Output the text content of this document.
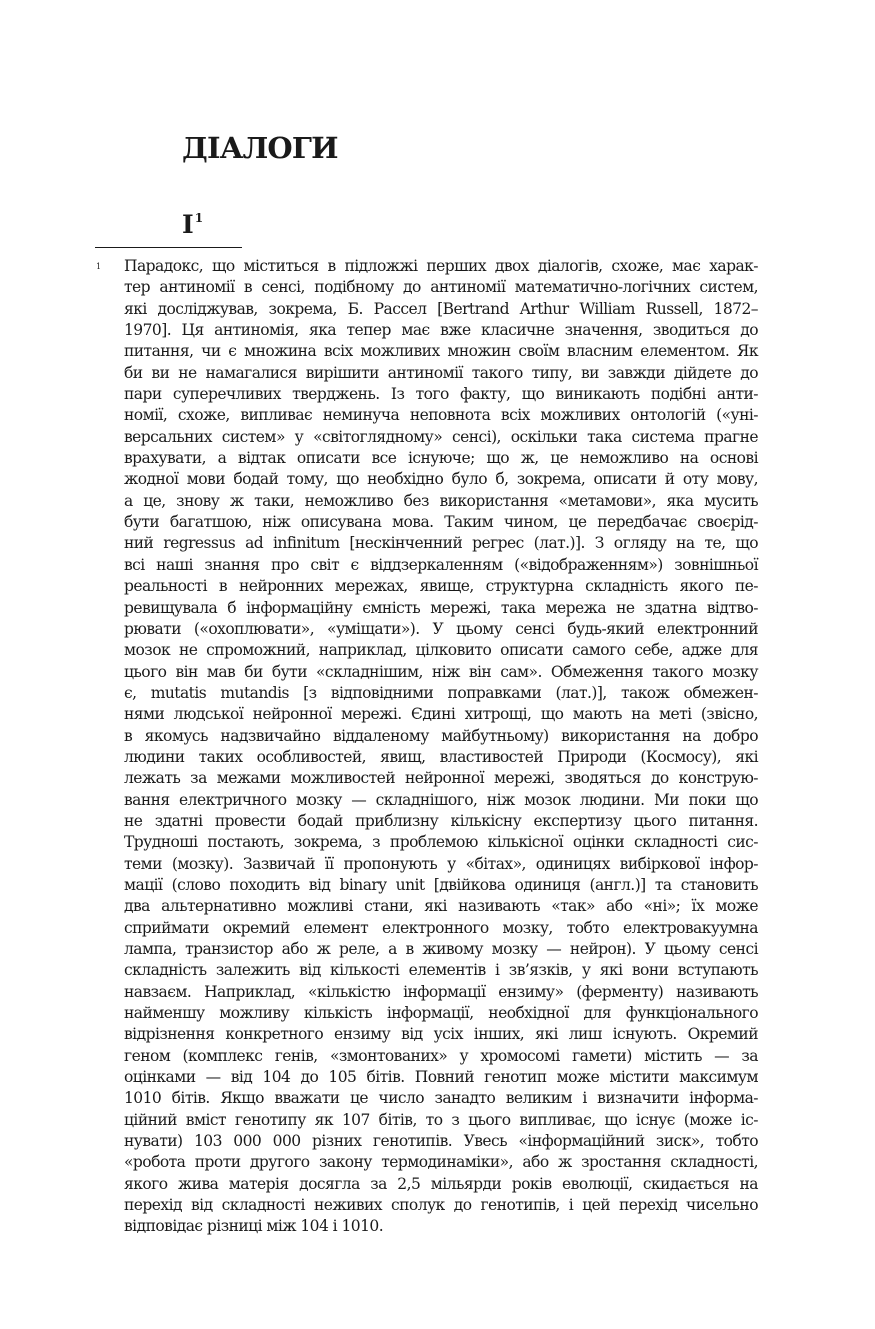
ДІАЛОГИ
$I^1$
1 Парадокс, що міститься в підложжі перших двох діалогів, схоже, має харак-
тер антиномії в сенсі, подібному до антиномії математично-логічних систем,
які досліджував, зокрема, Б. Рассел [Bertrand Arthur William Russell, 1872–
1970]. Ця антиномія, яка тепер має вже класичне значення, зводиться до
питання, чи є множина всіх можливих множин своїм власним елементом. Як
би ви не намагалися вирішити антиномії такого типу, ви завжди дійдете до
пари суперечливих тверджень. Із того факту, що виникають подібні анти-
номії, схоже, випливає неминуча неповнота всіх можливих онтологій («уні-
версальних систем» у «світоглядному» сенсі), оскільки така система прагне
врахувати, а відтак описати все існуюче; що ж, це неможливо на основі
жодної мови бодай тому, що необхідно було б, зокрема, описати й оту мову,
а це, знову ж таки, неможливо без використання «метамови», яка мусить
бути багатшою, ніж описувана мова. Таким чином, це передбачає своєрід-
ний regressus ad infinitum [нескінченний регрес (лат.)]. З огляду на те, що
всі наші знання про світ є віддзеркаленням («відображенням») зовнішньої
реальності в нейронних мережах, явище, структурна складність якого пе-
ревищувала б інформаційну ємність мережі, така мережа не здатна відтво-
рювати («охоплювати», «уміщати»). У цьому сенсі будь-який електронний
мозок не спроможний, наприклад, цілковито описати самого себе, адже для
цього він мав би бути «складнішим, ніж він сам». Обмеження такого мозку
є, mutatis mutandis [з відповідними поправками (лат.)], також обмежен-
нями людської нейронної мережі. Єдині хитрощі, що мають на меті (звісно,
в якомусь надзвичайно віддаленому майбутньому) використання на добро
людини таких особливостей, явищ, властивостей Природи (Космосу), які
лежать за межами можливостей нейронної мережі, зводяться до конструю-
вання електричного мозку — складнішого, ніж мозок людини. Ми поки що
не здатні провести бодай приблизну кількісну експертизу цього питання.
Трудноші постають, зокрема, з проблемою кількісної оцінки складності сис-
теми (мозку). Зазвичай її пропонують у «бітах», одиницях вибіркової інфор-
мації (слово походить від binary unit [двійкова одиниця (англ.)] та становить
два альтернативно можливі стани, які називають «так» або «ні»; їх може
сприймати окремий елемент електронного мозку, тобто електровакуумна
лампа, транзистор або ж реле, а в живому мозку — нейрон). У цьому сенсі
складність залежить від кількості елементів і зв’язків, у які вони вступають
навзаєм. Наприклад, «кількістю інформації ензиму» (ферменту) називають
найменшу можливу кількість інформації, необхідної для функціонального
відрізнення конкретного ензиму від усіх інших, які лиш існують. Окремий
геном (комплекс генів, «змонтованих» у хромосомі гамети) містить — за
оцінками — від 104 до 105 бітів. Повний генотип може містити максимум
1010 бітів. Якщо вважати це число занадто великим і визначити інформа-
ційний вміст генотипу як 107 бітів, то з цього випливає, що існує (може іс-
нувати) 103 000 000 різних генотипів. Увесь «інформаційний зиск», тобто
«робота проти другого закону термодинаміки», або ж зростання складності,
якого жива матерія досягла за 2,5 мільярди років еволюції, скидається на
перехід від складності неживих сполук до генотипів, і цей перехід чисельно
відповідає різниці між 104 і 1010.
